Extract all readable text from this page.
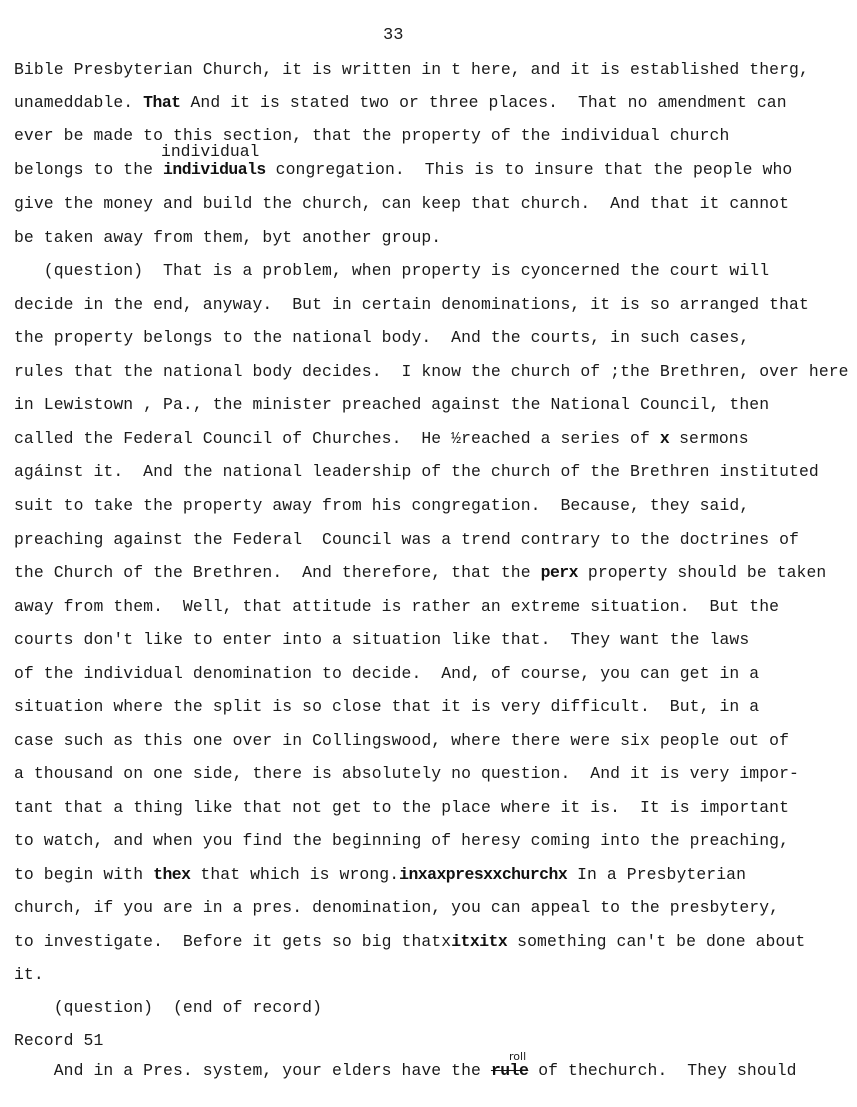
33
Bible Presbyterian Church, it is written in t here, and it is established therg,
unameddable. That And it is stated two or three places.  That no amendment can
ever be made to this section, that the property of the individual church
belongs to the individuals congregation.  This is to insure that the people who
give the money and build the church, can keep that church.  And that it cannot
be taken away from them, byt another group.
(question)  That is a problem, when property is cyoncerned the court will
decide in the end, anyway.  But in certain denominations, it is so arranged that
the property belongs to the national body.  And the courts, in such cases,
rules that the national body decides.  I know the church of ;the Brethren, over here
in Lewistown , Pa., the minister preached against the National Council, then
called the Federal Council of Churches.  He ½reached a series of x sermons
agáinst it.  And the national leadership of the church of the Brethren instituted
suit to take the property away from his congregation.  Because, they said,
preaching against the Federal  Council was a trend contrary to the doctrines of
the Church of the Brethren.  And therefore, that the perx property should be taken
away from them.  Well, that attitude is rather an extreme situation.  But the
courts don't like to enter into a situation like that.  They want the laws
of the individual denomination to decide.  And, of course, you can get in a
situation where the split is so close that it is very difficult.  But, in a
case such as this one over in Collingswood, where there were six people out of
a thousand on one side, there is absolutely no question.  And it is very impor-
tant that a thing like that not get to the place where it is.  It is important
to watch, and when you find the beginning of heresy coming into the preaching,
to begin with thex that which is wrong.inxaxpresxxchurchx In a Presbyterian
church, if you are in a pres. denomination, you can appeal to the presbytery,
to investigate.  Before it gets so big thatxitxitx something can't be done about
it.
(question)  (end of record)
Record 51
And in a Pres. system, your elders have the rule of thechurch.  They should
individual
roll
